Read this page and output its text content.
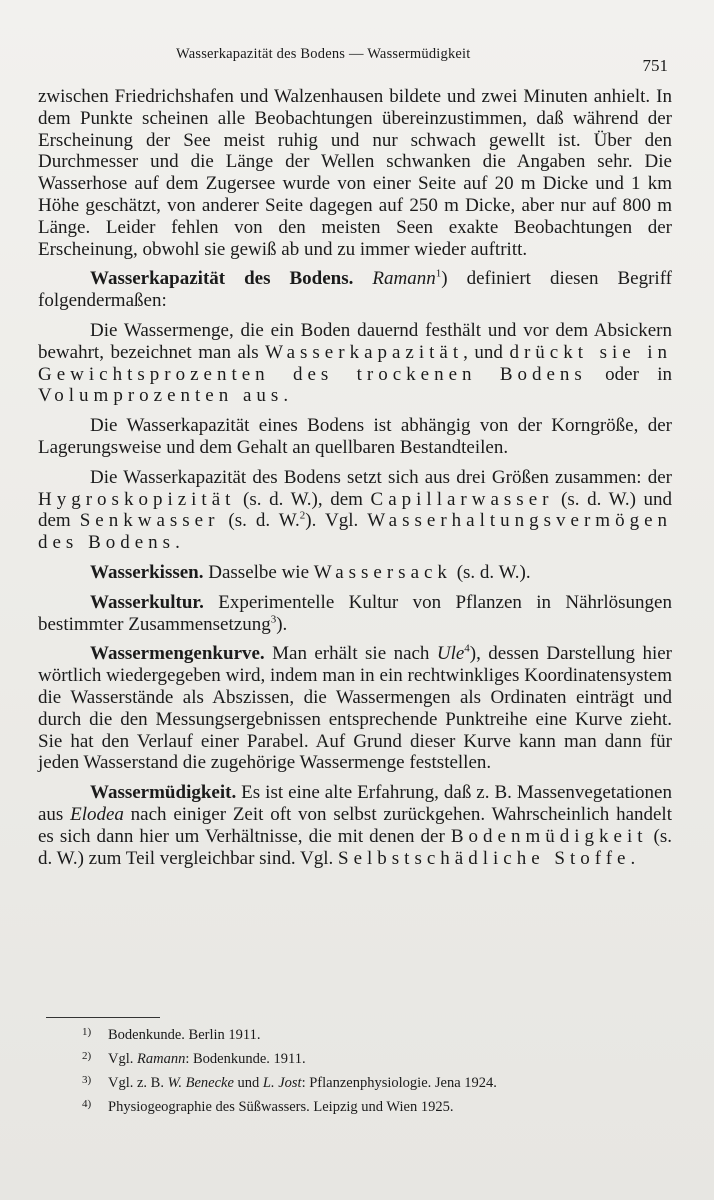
Wasserkapazität des Bodens — Wassermüdigkeit
751

zwischen Friedrichshafen und Walzenhausen bildete und zwei Minuten anhielt. In dem Punkte scheinen alle Beobachtungen übereinzustimmen, daß während der Erscheinung der See meist ruhig und nur schwach gewellt ist. Über den Durchmesser und die Länge der Wellen schwanken die Angaben sehr. Die Wasserhose auf dem Zugersee wurde von einer Seite auf 20 m Dicke und 1 km Höhe geschätzt, von anderer Seite dagegen auf 250 m Dicke, aber nur auf 800 m Länge. Leider fehlen von den meisten Seen exakte Beobachtungen der Erscheinung, obwohl sie gewiß ab und zu immer wieder auftritt.

Wasserkapazität des Bodens. Ramann$^1$) definiert diesen Begriff folgendermaßen:

Die Wassermenge, die ein Boden dauernd festhält und vor dem Absickern bewahrt, bezeichnet man als Wasserkapazität, und drückt sie in Gewichtsprozenten des trockenen Bodens oder in Volumprozenten aus.

Die Wasserkapazität eines Bodens ist abhängig von der Korngröße, der Lagerungsweise und dem Gehalt an quellbaren Bestandteilen.

Die Wasserkapazität des Bodens setzt sich aus drei Größen zusammen: der Hygroskopizität (s. d. W.), dem Capillarwasser (s. d. W.) und dem Senkwasser (s. d. W.$^2$). Vgl. Wasserhaltungsvermögen des Bodens.

Wasserkissen. Dasselbe wie Wassersack (s. d. W.).

Wasserkultur. Experimentelle Kultur von Pflanzen in Nährlösungen bestimmter Zusammensetzung$^3$).

Wassermengenkurve. Man erhält sie nach Ule$^4$), dessen Darstellung hier wörtlich wiedergegeben wird, indem man in ein rechtwinkliges Koordinatensystem die Wasserstände als Abszissen, die Wassermengen als Ordinaten einträgt und durch die den Messungsergebnissen entsprechende Punktreihe eine Kurve zieht. Sie hat den Verlauf einer Parabel. Auf Grund dieser Kurve kann man dann für jeden Wasserstand die zugehörige Wassermenge feststellen.

Wassermüdigkeit. Es ist eine alte Erfahrung, daß z. B. Massenvegetationen aus Elodea nach einiger Zeit oft von selbst zurückgehen. Wahrscheinlich handelt es sich dann hier um Verhältnisse, die mit denen der Bodenmüdigkeit (s. d. W.) zum Teil vergleichbar sind. Vgl. Selbstschädliche Stoffe.

1) Bodenkunde. Berlin 1911.
2) Vgl. Ramann: Bodenkunde. 1911.
3) Vgl. z. B. W. Benecke und L. Jost: Pflanzenphysiologie. Jena 1924.
4) Physiogeographie des Süßwassers. Leipzig und Wien 1925.
